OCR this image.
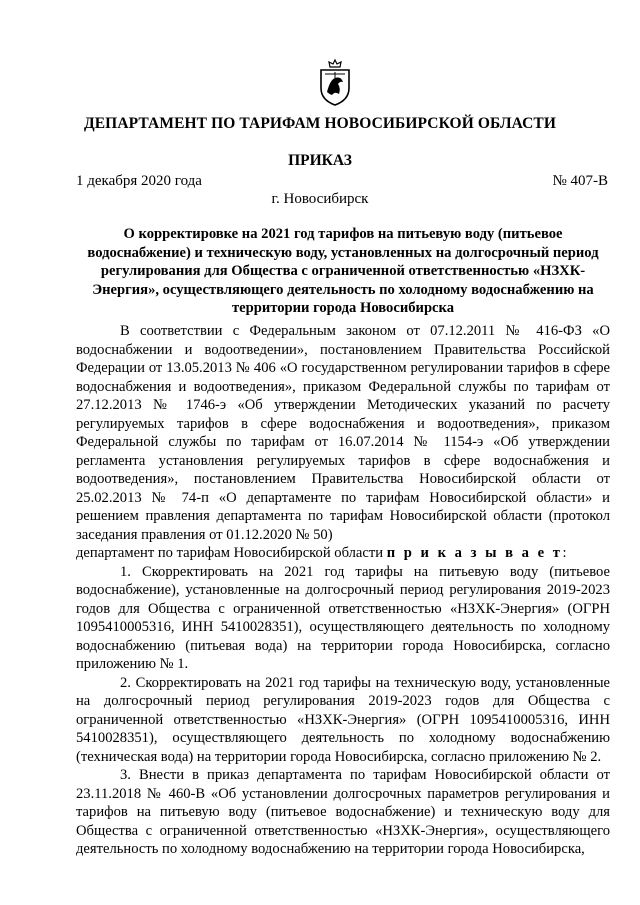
ДЕПАРТАМЕНТ ПО ТАРИФАМ НОВОСИБИРСКОЙ ОБЛАСТИ
ПРИКАЗ
1 декабря 2020 года	№ 407-В
г. Новосибирск
О корректировке на 2021 год тарифов на питьевую воду (питьевое водоснабжение) и техническую воду, установленных на долгосрочный период регулирования для Общества с ограниченной ответственностью «НЗХК-Энергия», осуществляющего деятельность по холодному водоснабжению на территории города Новосибирска

В соответствии с Федеральным законом от 07.12.2011 № 416-ФЗ «О водоснабжении и водоотведении», постановлением Правительства Российской Федерации от 13.05.2013 № 406 «О государственном регулировании тарифов в сфере водоснабжения и водоотведения», приказом Федеральной службы по тарифам от 27.12.2013 № 1746-э «Об утверждении Методических указаний по расчету регулируемых тарифов в сфере водоснабжения и водоотведения», приказом Федеральной службы по тарифам от 16.07.2014 № 1154-э «Об утверждении регламента установления регулируемых тарифов в сфере водоснабжения и водоотведения», постановлением Правительства Новосибирской области от 25.02.2013 № 74-п «О департаменте по тарифам Новосибирской области» и решением правления департамента по тарифам Новосибирской области (протокол заседания правления от 01.12.2020 № 50)

департамент по тарифам Новосибирской области п р и к а з ы в а е т:

1. Скорректировать на 2021 год тарифы на питьевую воду (питьевое водоснабжение), установленные на долгосрочный период регулирования 2019-2023 годов для Общества с ограниченной ответственностью «НЗХК-Энергия» (ОГРН 1095410005316, ИНН 5410028351), осуществляющего деятельность по холодному водоснабжению (питьевая вода) на территории города Новосибирска, согласно приложению № 1.

2. Скорректировать на 2021 год тарифы на техническую воду, установленные на долгосрочный период регулирования 2019-2023 годов для Общества с ограниченной ответственностью «НЗХК-Энергия» (ОГРН 1095410005316, ИНН 5410028351), осуществляющего деятельность по холодному водоснабжению (техническая вода) на территории города Новосибирска, согласно приложению № 2.

3. Внести в приказ департамента по тарифам Новосибирской области от 23.11.2018 № 460-В «Об установлении долгосрочных параметров регулирования и тарифов на питьевую воду (питьевое водоснабжение) и техническую воду для Общества с ограниченной ответственностью «НЗХК-Энергия», осуществляющего деятельность по холодному водоснабжению на территории города Новосибирска,
